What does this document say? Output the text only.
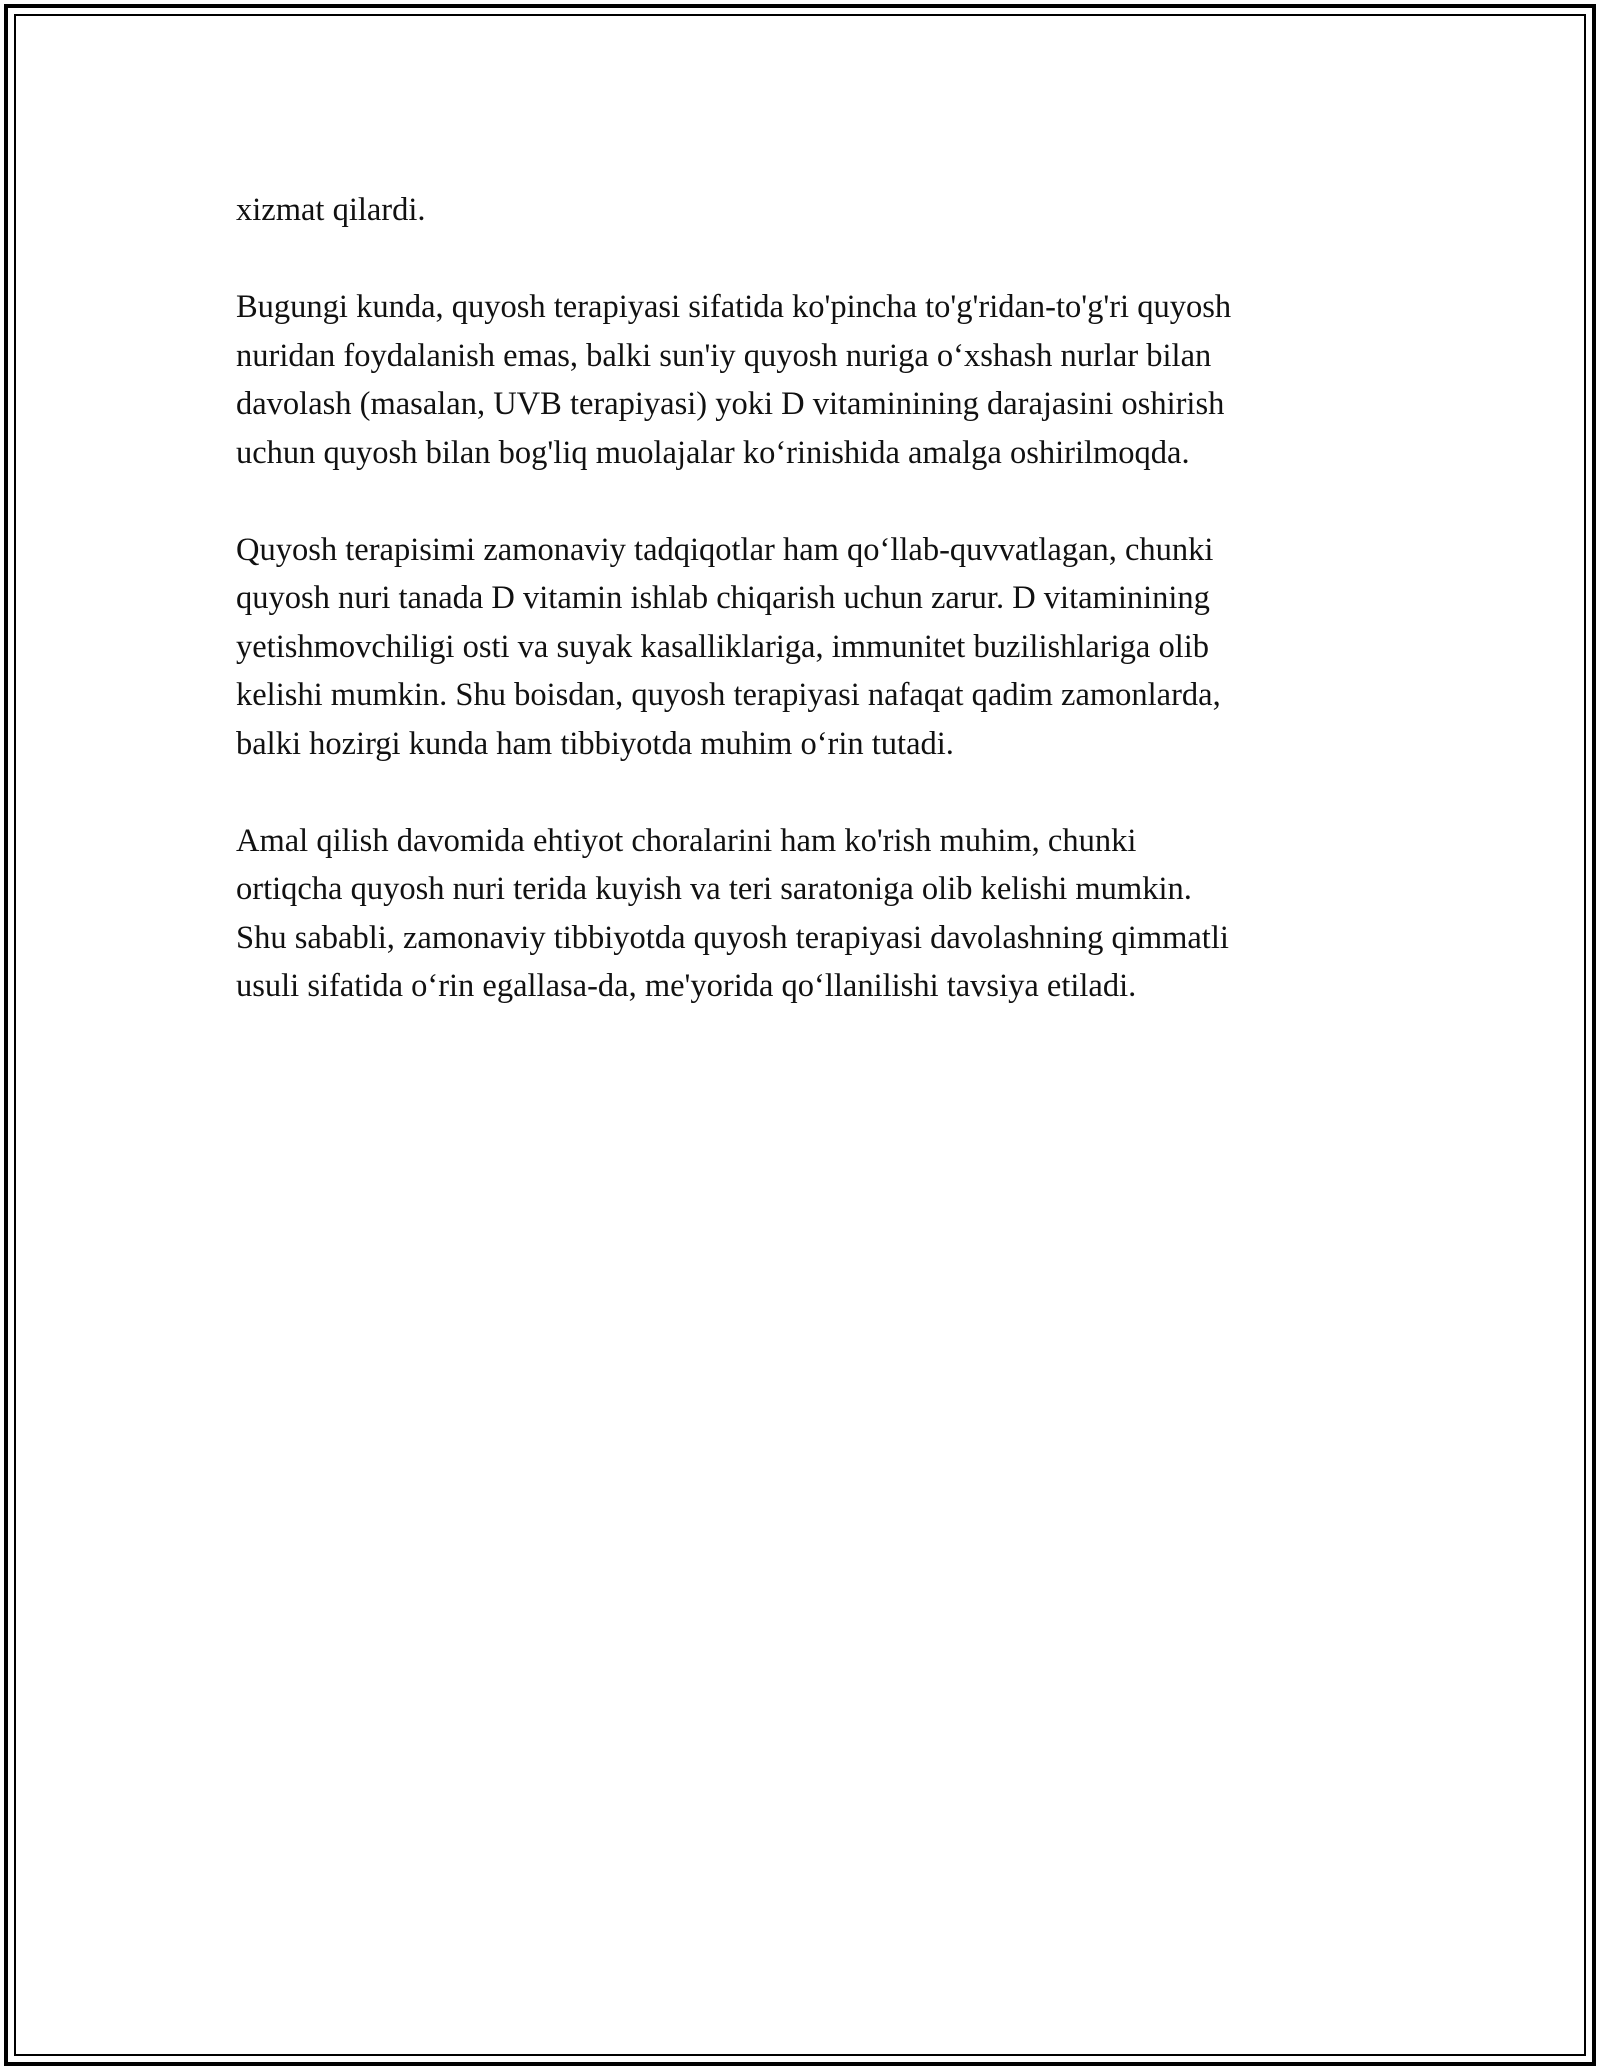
xizmat qilardi.

Bugungi kunda, quyosh terapiyasi sifatida ko'pincha to'g'ridan-to'g'ri quyosh
nuridan foydalanish emas, balki sun'iy quyosh nuriga o‘xshash nurlar bilan
davolash (masalan, UVB terapiyasi) yoki D vitaminining darajasini oshirish
uchun quyosh bilan bog'liq muolajalar ko‘rinishida amalga oshirilmoqda.

Quyosh terapisimi zamonaviy tadqiqotlar ham qo‘llab-quvvatlagan, chunki
quyosh nuri tanada D vitamin ishlab chiqarish uchun zarur. D vitaminining
yetishmovchiligi osti va suyak kasalliklariga, immunitet buzilishlariga olib
kelishi mumkin. Shu boisdan, quyosh terapiyasi nafaqat qadim zamonlarda,
balki hozirgi kunda ham tibbiyotda muhim o‘rin tutadi.

Amal qilish davomida ehtiyot choralarini ham ko'rish muhim, chunki
ortiqcha quyosh nuri terida kuyish va teri saratoniga olib kelishi mumkin.
Shu sababli, zamonaviy tibbiyotda quyosh terapiyasi davolashning qimmatli
usuli sifatida o‘rin egallasa-da, me'yorida qo‘llanilishi tavsiya etiladi.
